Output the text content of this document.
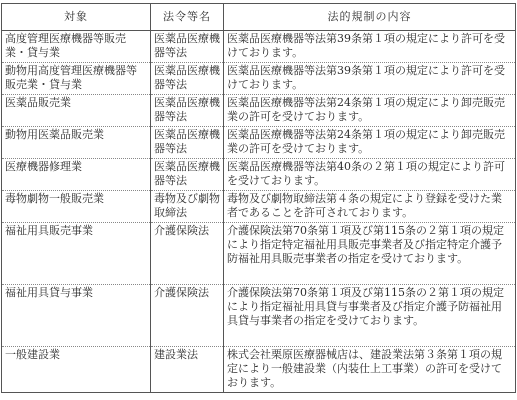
対象	法令等名	法的規制の内容
高度管理医療機器等販売業・貸与業	医薬品医療機器等法	医薬品医療機器等法第39条第１項の規定により許可を受けております。
動物用高度管理医療機器等販売業・貸与業	医薬品医療機器等法	医薬品医療機器等法第39条第１項の規定により許可を受けております。
医薬品販売業	医薬品医療機器等法	医薬品医療機器等法第24条第１項の規定により卸売販売業の許可を受けております。
動物用医薬品販売業	医薬品医療機器等法	医薬品医療機器等法第24条第１項の規定により卸売販売業の許可を受けております。
医療機器修理業	医薬品医療機器等法	医薬品医療機器等法第40条の２第１項の規定により許可を受けております。
毒物劇物一般販売業	毒物及び劇物取締法	毒物及び劇物取締法第４条の規定により登録を受けた業者であることを許可されております。
福祉用具販売事業	介護保険法	介護保険法第70条第１項及び第115条の２第１項の規定により指定特定福祉用具販売事業者及び指定特定介護予防福祉用具販売事業者の指定を受けております。
福祉用具貸与事業	介護保険法	介護保険法第70条第１項及び第115条の２第１項の規定により指定福祉用具貸与事業者及び指定介護予防福祉用具貸与事業者の指定を受けております。
一般建設業	建設業法	株式会社栗原医療器械店は、建設業法第３条第１項の規定により一般建設業（内装仕上工事業）の許可を受けております。
